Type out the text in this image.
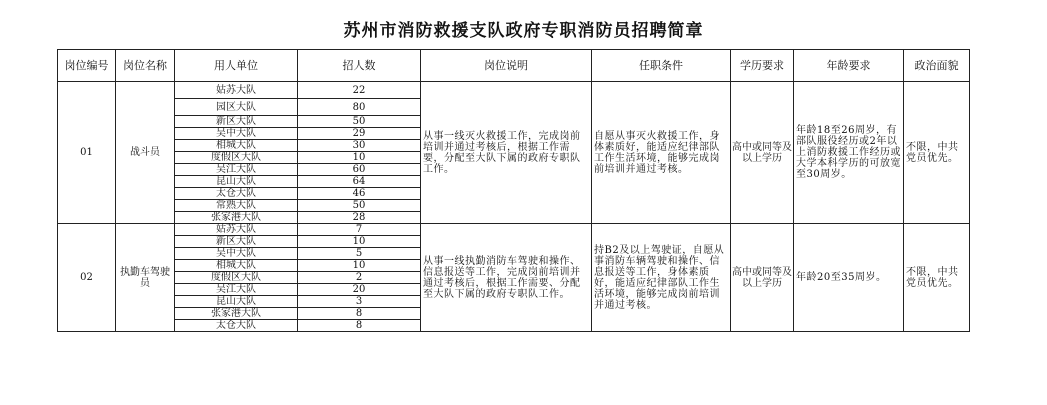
苏州市消防救援支队政府专职消防员招聘简章
岗位编号	岗位名称	用人单位	招人数	岗位说明	任职条件	学历要求	年龄要求	政治面貌
01	战斗员	姑苏大队	22	从事一线灭火救援工作，完成岗前培训并通过考核后，根据工作需要，分配至大队下属的政府专职队工作。	自愿从事灭火救援工作，身体素质好，能适应纪律部队工作生活环境，能够完成岗前培训并通过考核。	高中或同等及以上学历	年龄18至26周岁，有部队服役经历或2年以上消防救援工作经历或大学本科学历的可放宽至30周岁。	不限，中共党员优先。
		园区大队	80					
		新区大队	50					
		吴中大队	29					
		相城大队	30					
		度假区大队	10					
		吴江大队	60					
		昆山大队	64					
		太仓大队	46					
		常熟大队	50					
		张家港大队	28					
02	执勤车驾驶员	姑苏大队	7	从事一线执勤消防车驾驶和操作、信息报送等工作，完成岗前培训并通过考核后，根据工作需要、分配至大队下属的政府专职队工作。	持B2及以上驾驶证，自愿从事消防车辆驾驶和操作、信息报送等工作，身体素质好，能适应纪律部队工作生活环境，能够完成岗前培训并通过考核。	高中或同等及以上学历	年龄20至35周岁。	不限，中共党员优先。
		新区大队	10					
		吴中大队	5					
		相城大队	10					
		度假区大队	2					
		吴江大队	20					
		昆山大队	3					
		张家港大队	8					
		太仓大队	8					
